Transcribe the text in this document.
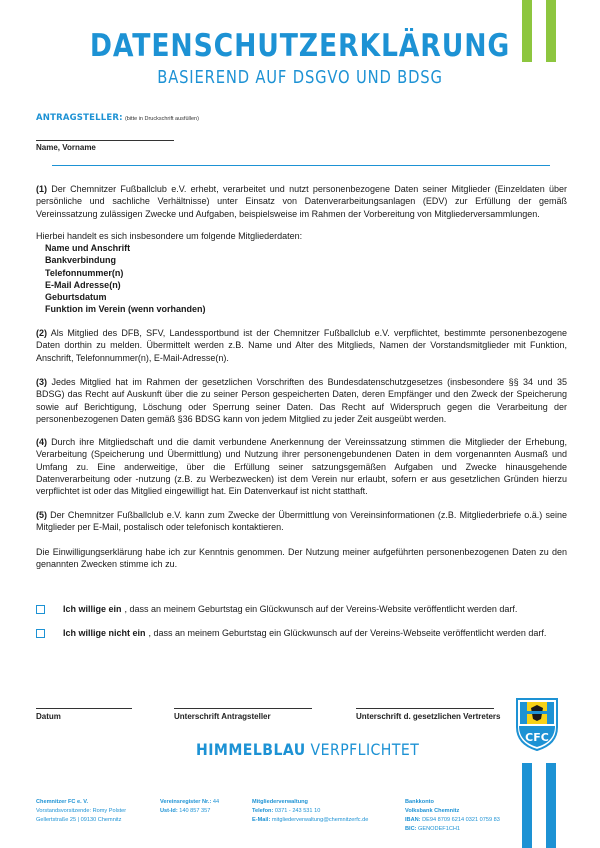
DATENSCHUTZERKLÄRUNG
BASIEREND AUF DSGVO UND BDSG
ANTRAGSTELLER: (bitte in Druckschrift ausfüllen)
Name, Vorname
(1) Der Chemnitzer Fußballclub e.V. erhebt, verarbeitet und nutzt personenbezogene Daten seiner Mitglieder (Einzeldaten über persönliche und sachliche Verhältnisse) unter Einsatz von Datenverarbeitungsanlagen (EDV) zur Erfüllung der gemäß Vereinssatzung zulässigen Zwecke und Aufgaben, beispielsweise im Rahmen der Vorbereitung von Mitgliederversammlungen.
Hierbei handelt es sich insbesondere um folgende Mitgliederdaten:
Name und Anschrift
Bankverbindung
Telefonnummer(n)
E-Mail Adresse(n)
Geburtsdatum
Funktion im Verein (wenn vorhanden)
(2) Als Mitglied des DFB, SFV, Landessportbund ist der Chemnitzer Fußballclub e.V. verpflichtet, bestimmte personenbezogene Daten dorthin zu melden. Übermittelt werden z.B. Name und Alter des Mitglieds, Namen der Vorstandsmitglieder mit Funktion, Anschrift, Telefonnummer(n), E-Mail-Adresse(n).
(3) Jedes Mitglied hat im Rahmen der gesetzlichen Vorschriften des Bundesdatenschutzgesetzes (insbesondere §§ 34 und 35 BDSG) das Recht auf Auskunft über die zu seiner Person gespeicherten Daten, deren Empfänger und den Zweck der Speicherung sowie auf Berichtigung, Löschung oder Sperrung seiner Daten. Das Recht auf Widerspruch gegen die Verarbeitung der personenbezogenen Daten gemäß §36 BDSG kann von jedem Mitglied zu jeder Zeit ausgeübt werden.
(4) Durch ihre Mitgliedschaft und die damit verbundene Anerkennung der Vereinssatzung stimmen die Mitglieder der Erhebung, Verarbeitung (Speicherung und Übermittlung) und Nutzung ihrer personengebundenen Daten in dem vorgenannten Ausmaß und Umfang zu. Eine anderweitige, über die Erfüllung seiner satzungsgemäßen Aufgaben und Zwecke hinausgehende Datenverarbeitung oder -nutzung (z.B. zu Werbezwecken) ist dem Verein nur erlaubt, sofern er aus gesetzlichen Gründen hierzu verpflichtet ist oder das Mitglied eingewilligt hat. Ein Datenverkauf ist nicht statthaft.
(5) Der Chemnitzer Fußballclub e.V. kann zum Zwecke der Übermittlung von Vereinsinformationen (z.B. Mitgliederbriefe o.ä.) seine Mitglieder per E-Mail, postalisch oder telefonisch kontaktieren.
Die Einwilligungserklärung habe ich zur Kenntnis genommen. Der Nutzung meiner aufgeführten personenbezogenen Daten zu den genannten Zwecken stimme ich zu.
Ich willige ein , dass an meinem Geburtstag ein Glückwunsch auf der Vereins-Website veröffentlicht werden darf.
Ich willige nicht ein , dass an meinem Geburtstag ein Glückwunsch auf der Vereins-Webseite veröffentlicht werden darf.
Datum	Unterschrift Antragsteller	Unterschrift d. gesetzlichen Vertreters
CFC
HIMMELBLAU VERPFLICHTET
Chemnitzer FC e. V.
Vorstandsvorsitzende: Romy Polster
Gellertstraße 25 | 09130 Chemnitz
Vereinsregister Nr.: 44
Ust-Id: 140 857 357
Mitgliederverwaltung
Telefon: 0371 - 243 531 10
E-Mail: mitgliederverwaltung@chemnitzerfc.de
Bankkonto
Volksbank Chemnitz
IBAN: DE94 8709 6214 0321 0759 83
BIC: GENODEF1CH1
